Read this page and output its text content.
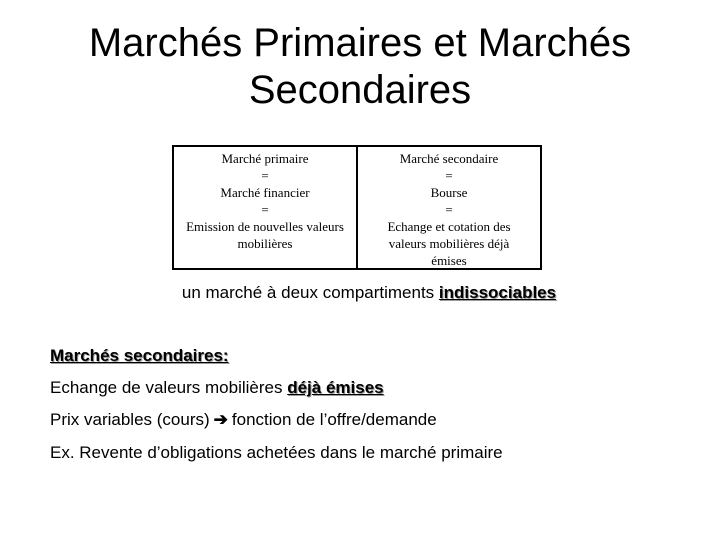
Marchés Primaires et Marchés
Secondaires
Marché primaire
=
Marché financier
=
Emission de nouvelles valeurs
mobilières
Marché secondaire
=
Bourse
=
Echange et cotation des
valeurs mobilières déjà
émises
un marché à deux compartiments indissociables
Marchés secondaires:
Echange de valeurs mobilières déjà émises
Prix variables (cours) ➔ fonction de l’offre/demande
Ex. Revente d’obligations achetées dans le marché primaire
